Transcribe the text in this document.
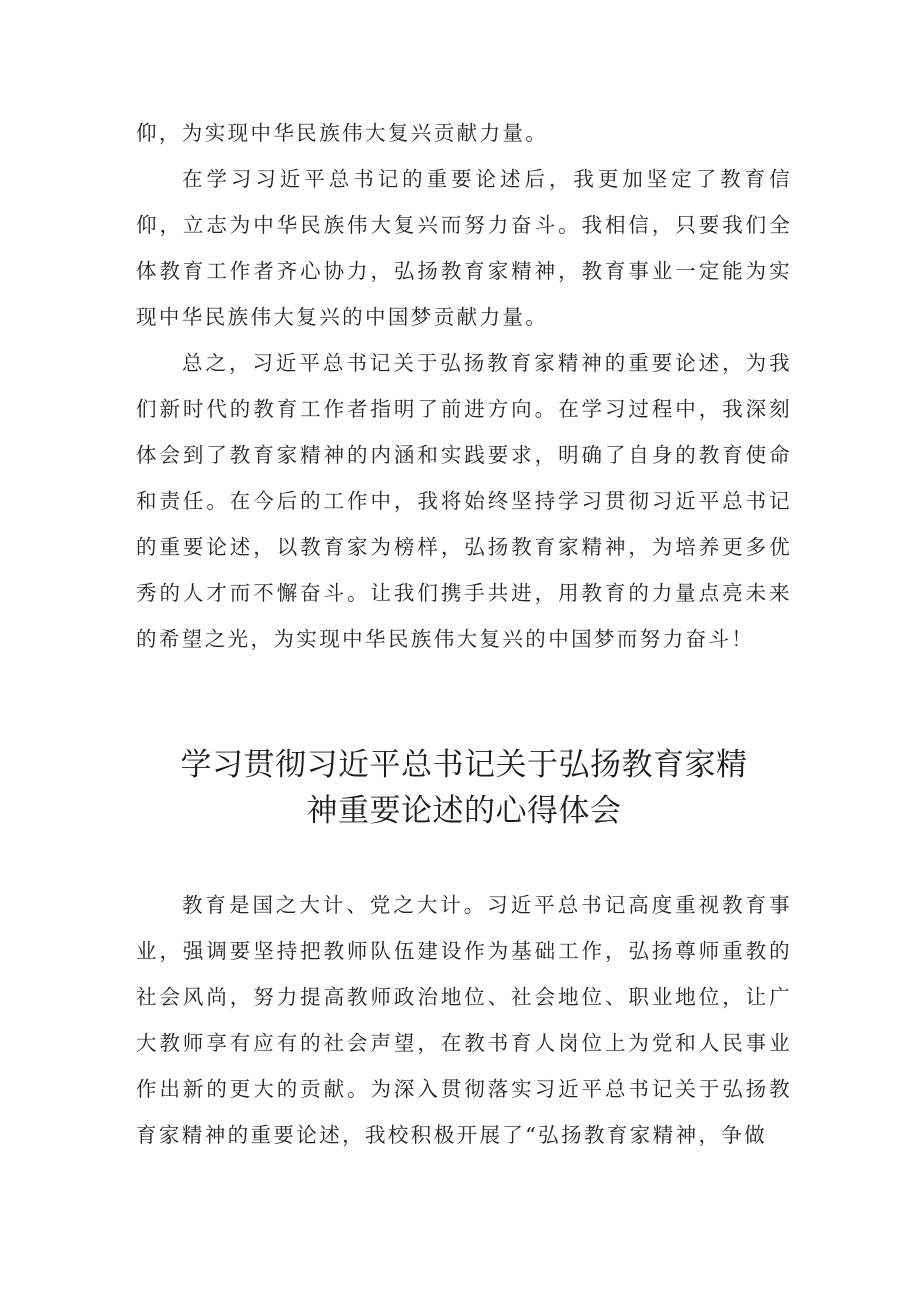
仰，为实现中华民族伟大复兴贡献力量。

在学习习近平总书记的重要论述后，我更加坚定了教育信仰，立志为中华民族伟大复兴而努力奋斗。我相信，只要我们全体教育工作者齐心协力，弘扬教育家精神，教育事业一定能为实现中华民族伟大复兴的中国梦贡献力量。

总之，习近平总书记关于弘扬教育家精神的重要论述，为我们新时代的教育工作者指明了前进方向。在学习过程中，我深刻体会到了教育家精神的内涵和实践要求，明确了自身的教育使命和责任。在今后的工作中，我将始终坚持学习贯彻习近平总书记的重要论述，以教育家为榜样，弘扬教育家精神，为培养更多优秀的人才而不懈奋斗。让我们携手共进，用教育的力量点亮未来的希望之光，为实现中华民族伟大复兴的中国梦而努力奋斗！

学习贯彻习近平总书记关于弘扬教育家精
神重要论述的心得体会

教育是国之大计、党之大计。习近平总书记高度重视教育事业，强调要坚持把教师队伍建设作为基础工作，弘扬尊师重教的社会风尚，努力提高教师政治地位、社会地位、职业地位，让广大教师享有应有的社会声望，在教书育人岗位上为党和人民事业作出新的更大的贡献。为深入贯彻落实习近平总书记关于弘扬教育家精神的重要论述，我校积极开展了“弘扬教育家精神，争做
